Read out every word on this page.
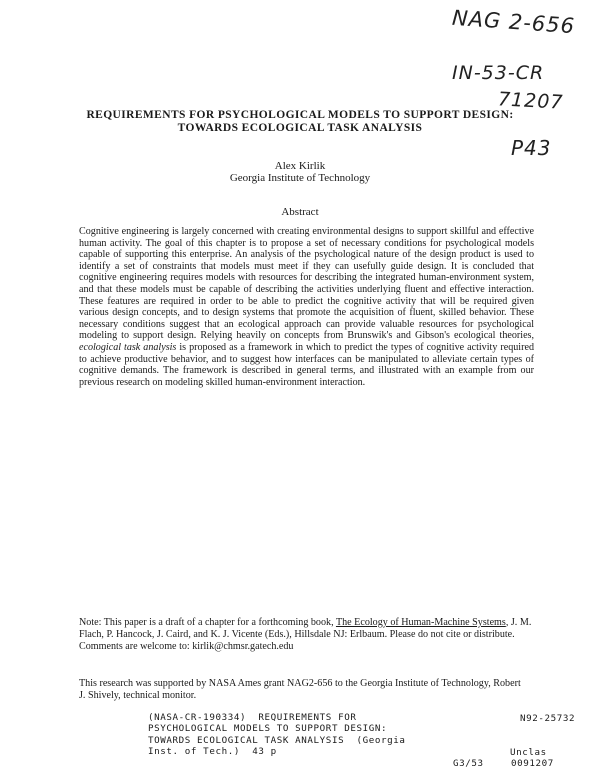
NAG 2-656
IN-53-CR
71207
P43
REQUIREMENTS FOR PSYCHOLOGICAL MODELS TO SUPPORT DESIGN:
TOWARDS ECOLOGICAL TASK ANALYSIS
Alex Kirlik
Georgia Institute of Technology
Abstract
Cognitive engineering is largely concerned with creating environmental designs to support skillful and effective human activity. The goal of this chapter is to propose a set of necessary conditions for psychological models capable of supporting this enterprise. An analysis of the psychological nature of the design product is used to identify a set of constraints that models must meet if they can usefully guide design. It is concluded that cognitive engineering requires models with resources for describing the integrated human-environment system, and that these models must be capable of describing the activities underlying fluent and effective interaction. These features are required in order to be able to predict the cognitive activity that will be required given various design concepts, and to design systems that promote the acquisition of fluent, skilled behavior. These necessary conditions suggest that an ecological approach can provide valuable resources for psychological modeling to support design. Relying heavily on concepts from Brunswik's and Gibson's ecological theories, ecological task analysis is proposed as a framework in which to predict the types of cognitive activity required to achieve productive behavior, and to suggest how interfaces can be manipulated to alleviate certain types of cognitive demands. The framework is described in general terms, and illustrated with an example from our previous research on modeling skilled human-environment interaction.
Note: This paper is a draft of a chapter for a forthcoming book, The Ecology of Human-Machine Systems, J. M. Flach, P. Hancock, J. Caird, and K. J. Vicente (Eds.), Hillsdale NJ: Erlbaum. Please do not cite or distribute. Comments are welcome to: kirlik@chmsr.gatech.edu
This research was supported by NASA Ames grant NAG2-656 to the Georgia Institute of Technology, Robert J. Shively, technical monitor.
(NASA-CR-190334)  REQUIREMENTS FOR
PSYCHOLOGICAL MODELS TO SUPPORT DESIGN:
TOWARDS ECOLOGICAL TASK ANALYSIS  (Georgia
Inst. of Tech.)  43 p
N92-25732
Unclas
G3/53	0091207
